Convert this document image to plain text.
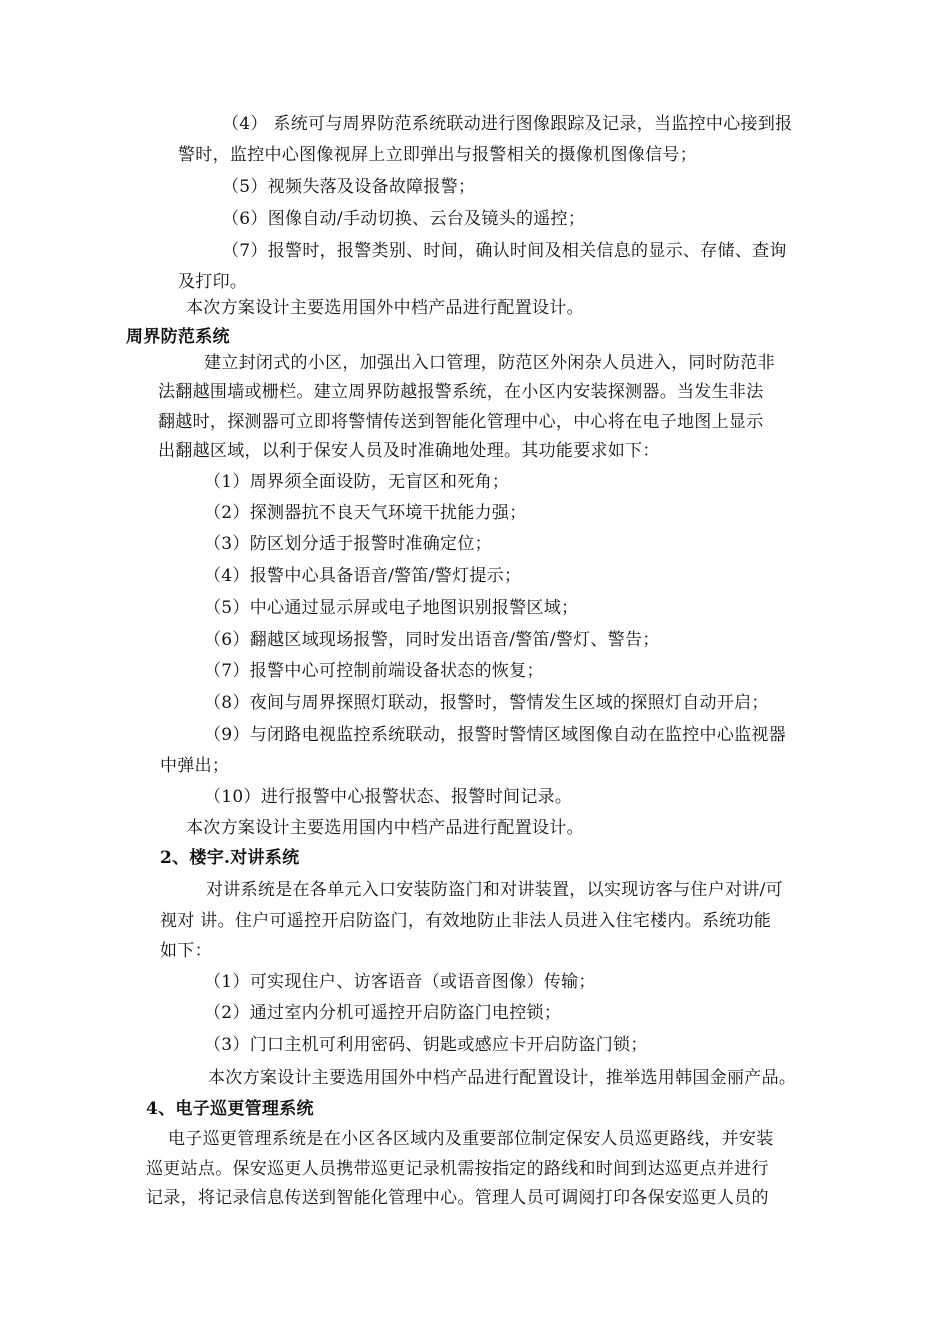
（4） 系统可与周界防范系统联动进行图像跟踪及记录，当监控中心接到报
警时，监控中心图像视屏上立即弹出与报警相关的摄像机图像信号；
（5）视频失落及设备故障报警；
（6）图像自动/手动切换、云台及镜头的遥控；
（7）报警时，报警类别、时间，确认时间及相关信息的显示、存储、查询
及打印。
本次方案设计主要选用国外中档产品进行配置设计。
周界防范系统
建立封闭式的小区，加强出入口管理，防范区外闲杂人员进入，同时防范非
法翻越围墙或栅栏。建立周界防越报警系统，在小区内安装探测器。当发生非法
翻越时，探测器可立即将警情传送到智能化管理中心，中心将在电子地图上显示
出翻越区域，以利于保安人员及时准确地处理。其功能要求如下：
（1）周界须全面设防，无盲区和死角；
（2）探测器抗不良天气环境干扰能力强；
（3）防区划分适于报警时准确定位；
（4）报警中心具备语音/警笛/警灯提示；
（5）中心通过显示屏或电子地图识别报警区域；
（6）翻越区域现场报警，同时发出语音/警笛/警灯、警告；
（7）报警中心可控制前端设备状态的恢复；
（8）夜间与周界探照灯联动，报警时，警情发生区域的探照灯自动开启；
（9）与闭路电视监控系统联动，报警时警情区域图像自动在监控中心监视器
中弹出；
（10）进行报警中心报警状态、报警时间记录。
本次方案设计主要选用国内中档产品进行配置设计。
2、楼宇.对讲系统
对讲系统是在各单元入口安装防盗门和对讲装置，以实现访客与住户对讲/可
视对 讲。住户可遥控开启防盗门，有效地防止非法人员进入住宅楼内。系统功能
如下：
（1）可实现住户、访客语音（或语音图像）传输；
（2）通过室内分机可遥控开启防盗门电控锁；
（3）门口主机可利用密码、钥匙或感应卡开启防盗门锁；
本次方案设计主要选用国外中档产品进行配置设计，推举选用韩国金丽产品。
4、电子巡更管理系统
电子巡更管理系统是在小区各区域内及重要部位制定保安人员巡更路线，并安装
巡更站点。保安巡更人员携带巡更记录机需按指定的路线和时间到达巡更点并进行
记录，将记录信息传送到智能化管理中心。管理人员可调阅打印各保安巡更人员的
